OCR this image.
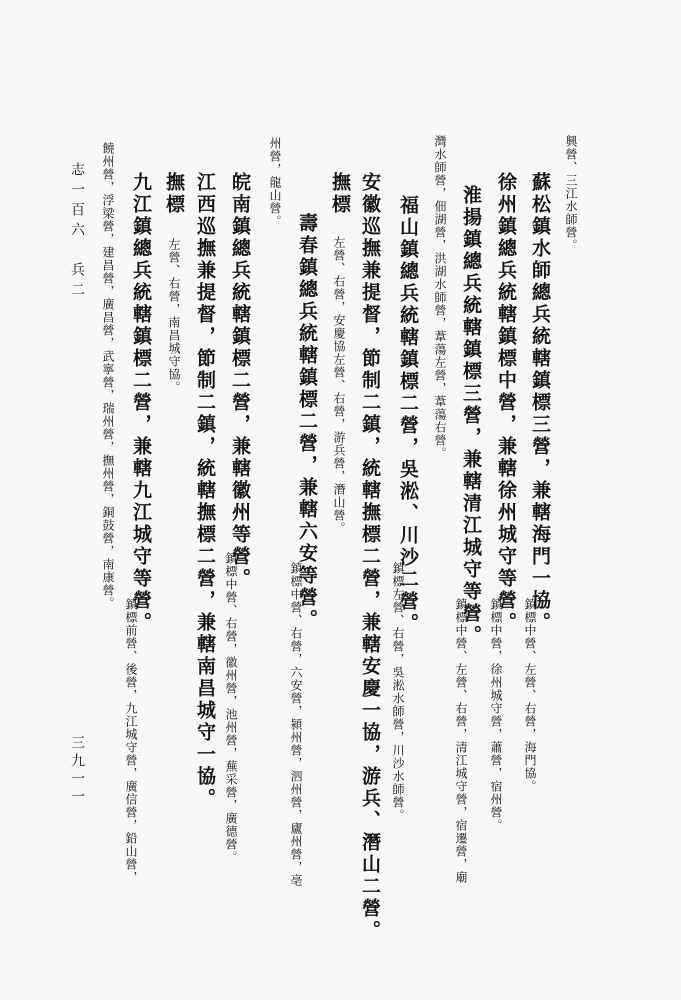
興營、三江水師營。
蘇松鎮水師總兵統轄鎮標三營，兼轄海門一協。
鎮標中營、左營、右營，海門協。
徐州鎮總兵統轄鎮標中營，兼轄徐州城守等營。
鎮標中營，徐州城守營，蕭營，宿州營。
淮揚鎮總兵統轄鎮標三營，兼轄清江城守等營。
鎮標中營、左營、右營，清江城守營，宿遷營，廟
灣水師營，佃湖營，洪湖水師營，葦蕩左營，葦蕩右營。
福山鎮總兵統轄鎮標二營，吳淞、川沙二營。
鎮標左營、右營，吳淞水師營，川沙水師營。
安徽巡撫兼提督，節制二鎮，統轄撫標二營，兼轄安慶一協，游兵、潛山二營。
撫標
左營、右營，安慶協左營、右營，游兵營，潛山營。
壽春鎮總兵統轄鎮標二營，兼轄六安等營。
鎮標中營、右營，六安營，潁州營，泗州營，廬州營，亳
州營，龍山營。
皖南鎮總兵統轄鎮標二營，兼轄徽州等營。
鎮標中營、右營，徽州營，池州營，蕪采營，廣德營。
江西巡撫兼提督，節制二鎮，統轄撫標二營，兼轄南昌城守一協。
撫標
左營、右營，南昌城守協。
九江鎮總兵統轄鎮標二營，兼轄九江城守等營。
鎮標前營、後營，九江城守營，廣信營，鉛山營，
饒州營，浮梁營，建昌營，廣昌營，武寧營，瑞州營，撫州營，銅鼓營，南康營。
志一百六　兵二
三九一一
